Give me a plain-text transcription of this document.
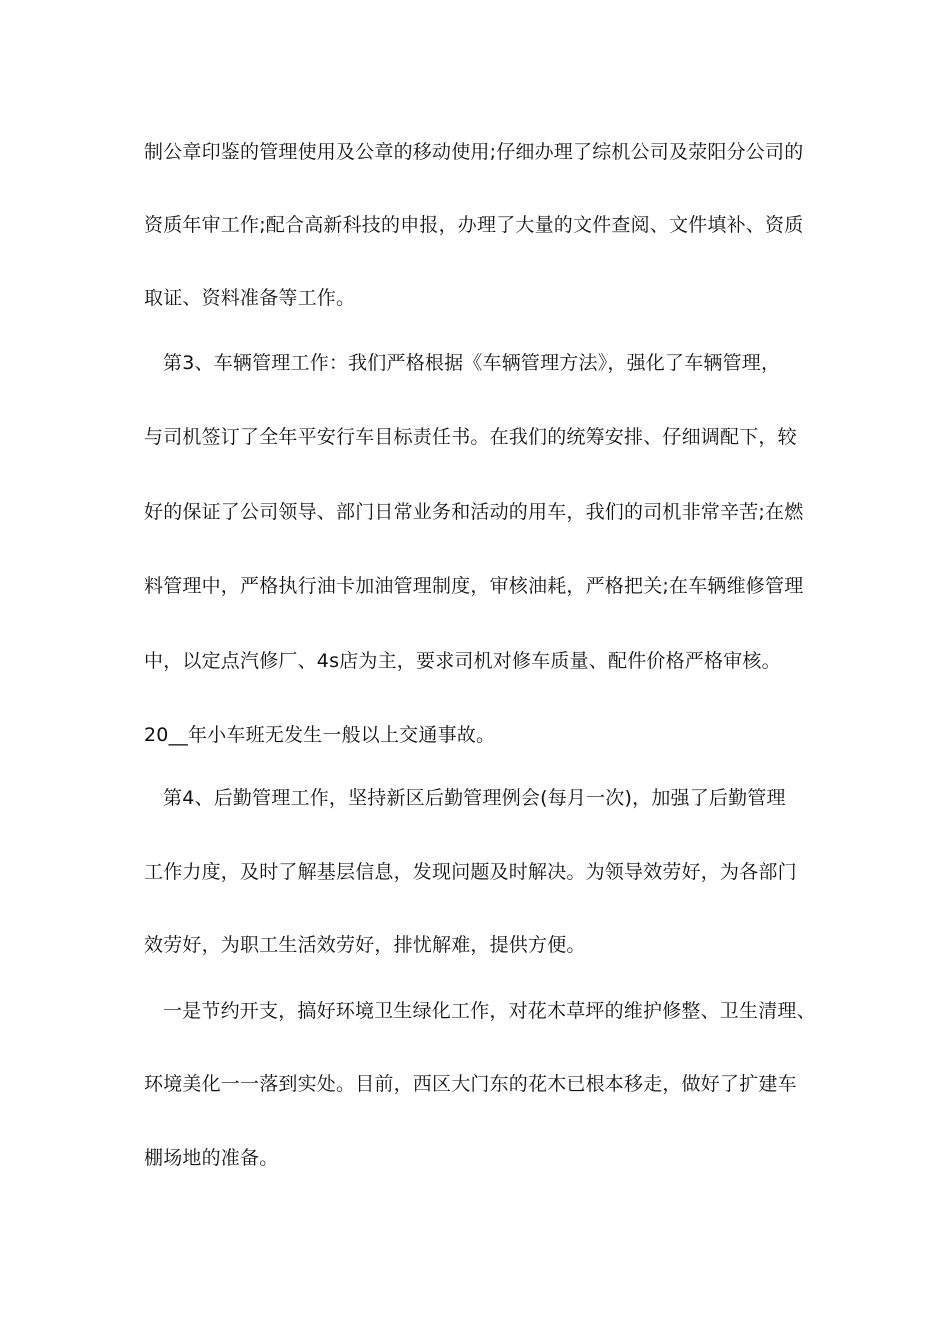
制公章印鉴的管理使用及公章的移动使用;仔细办理了综机公司及荥阳分公司的
资质年审工作;配合高新科技的申报，办理了大量的文件查阅、文件填补、资质
取证、资料准备等工作。
第3、车辆管理工作：我们严格根据《车辆管理方法》，强化了车辆管理，
与司机签订了全年平安行车目标责任书。在我们的统筹安排、仔细调配下，较
好的保证了公司领导、部门日常业务和活动的用车，我们的司机非常辛苦;在燃
料管理中，严格执行油卡加油管理制度，审核油耗，严格把关;在车辆维修管理
中，以定点汽修厂、4s店为主，要求司机对修车质量、配件价格严格审核。
20__年小车班无发生一般以上交通事故。
第4、后勤管理工作，坚持新区后勤管理例会(每月一次)，加强了后勤管理
工作力度，及时了解基层信息，发现问题及时解决。为领导效劳好，为各部门
效劳好，为职工生活效劳好，排忧解难，提供方便。
一是节约开支，搞好环境卫生绿化工作，对花木草坪的维护修整、卫生清理、
环境美化一一落到实处。目前，西区大门东的花木已根本移走，做好了扩建车
棚场地的准备。
